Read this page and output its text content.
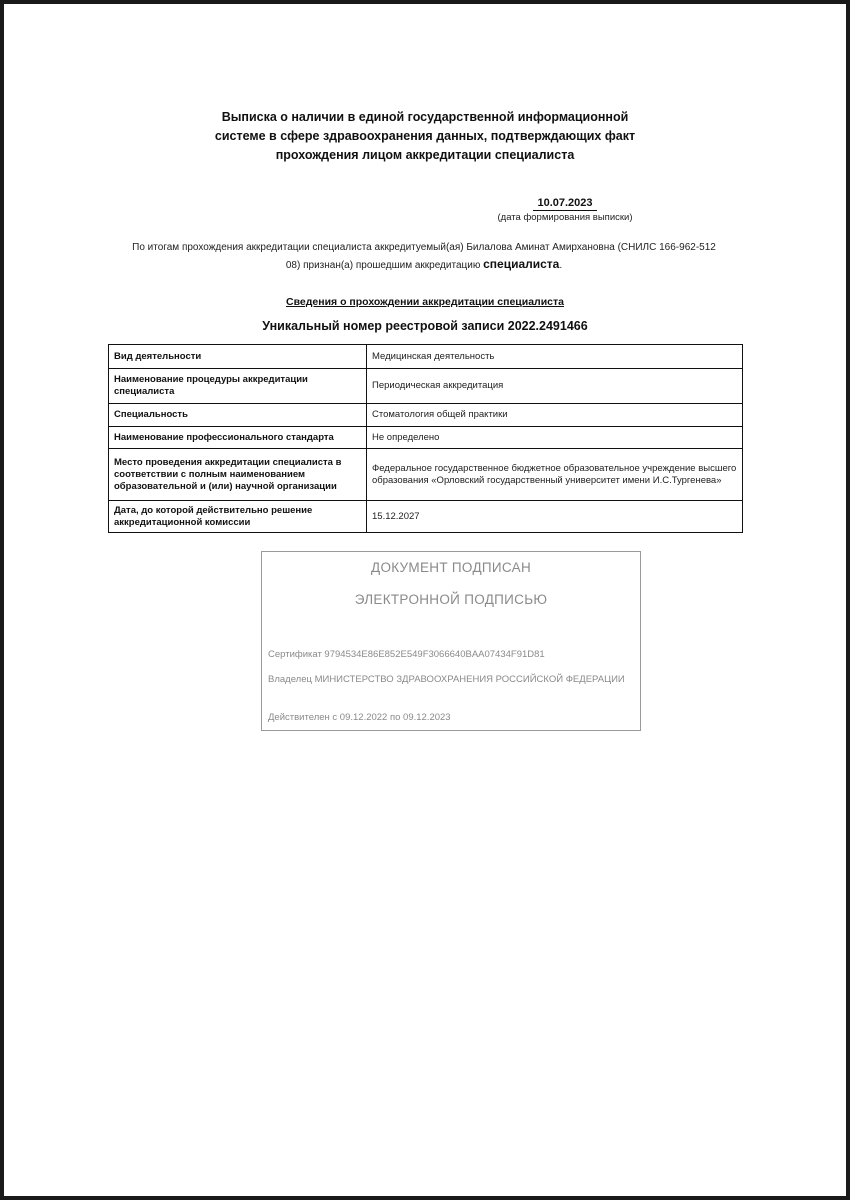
Выписка о наличии в единой государственной информационной
системе в сфере здравоохранения данных, подтверждающих факт
прохождения лицом аккредитации специалиста
10.07.2023
(дата формирования выписки)
По итогам прохождения аккредитации специалиста аккредитуемый(ая) Билалова Аминат Амирхановна (СНИЛС 166-962-512
08) признан(а) прошедшим аккредитацию специалиста.
Сведения о прохождении аккредитации специалиста
Уникальный номер реестровой записи 2022.2491466
Вид деятельности	Медицинская деятельность
Наименование процедуры аккредитации специалиста	Периодическая аккредитация
Специальность	Стоматология общей практики
Наименование профессионального стандарта	Не определено
Место проведения аккредитации специалиста в соответствии с полным наименованием образовательной и (или) научной организации	Федеральное государственное бюджетное образовательное учреждение высшего образования «Орловский государственный университет имени И.С.Тургенева»
Дата, до которой действительно решение аккредитационной комиссии	15.12.2027
ДОКУМЕНТ ПОДПИСАН
ЭЛЕКТРОННОЙ ПОДПИСЬЮ
Сертификат 9794534E86E852E549F3066640BAA07434F91D81
Владелец МИНИСТЕРСТВО ЗДРАВООХРАНЕНИЯ РОССИЙСКОЙ ФЕДЕРАЦИИ
Действителен с 09.12.2022 по 09.12.2023
